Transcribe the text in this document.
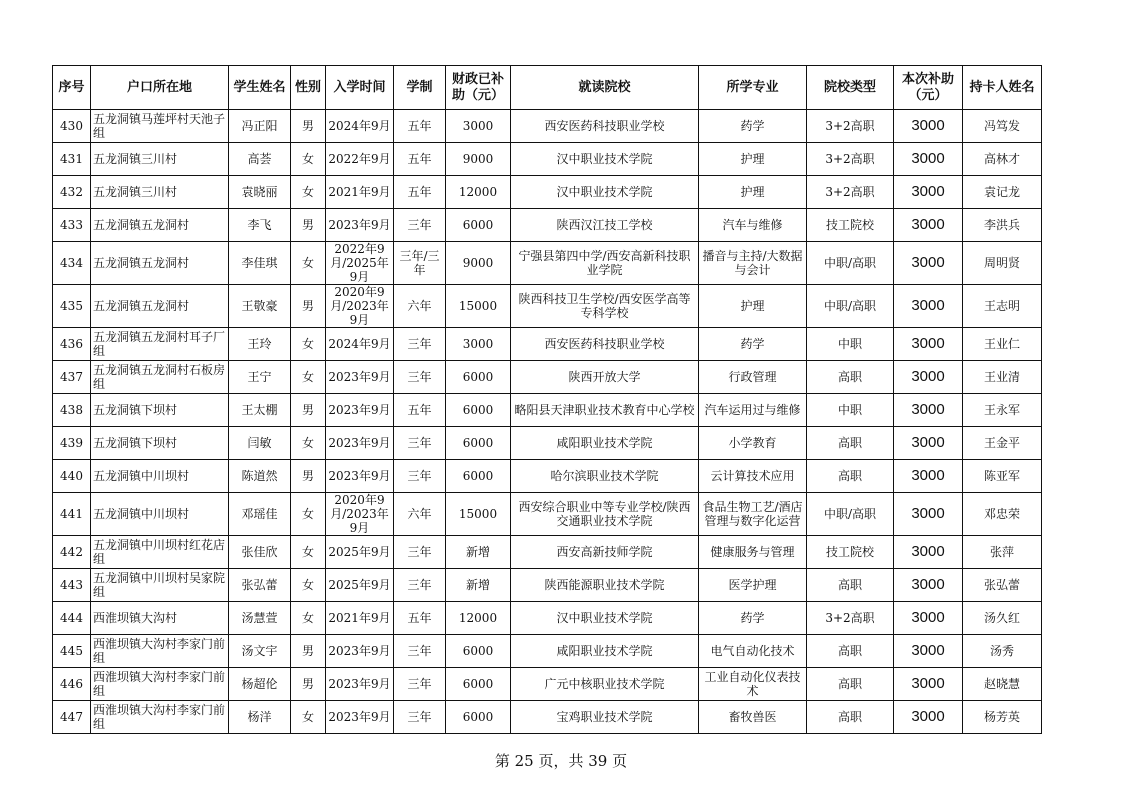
序号	户口所在地	学生姓名	性别	入学时间	学制	财政已补助（元）	就读院校	所学专业	院校类型	本次补助（元）	持卡人姓名
430	五龙洞镇马莲坪村天池子组	冯正阳	男	2024年9月	五年	3000	西安医药科技职业学校	药学	3+2高职	3000	冯笃发
431	五龙洞镇三川村	高荟	女	2022年9月	五年	9000	汉中职业技术学院	护理	3+2高职	3000	高林才
432	五龙洞镇三川村	袁晓丽	女	2021年9月	五年	12000	汉中职业技术学院	护理	3+2高职	3000	袁记龙
433	五龙洞镇五龙洞村	李飞	男	2023年9月	三年	6000	陕西汉江技工学校	汽车与维修	技工院校	3000	李洪兵
434	五龙洞镇五龙洞村	李佳琪	女	2022年9月/2025年9月	三年/三年	9000	宁强县第四中学/西安高新科技职业学院	播音与主持/大数据与会计	中职/高职	3000	周明贤
435	五龙洞镇五龙洞村	王敬豪	男	2020年9月/2023年9月	六年	15000	陕西科技卫生学校/西安医学高等专科学校	护理	中职/高职	3000	王志明
436	五龙洞镇五龙洞村耳子厂组	王玲	女	2024年9月	三年	3000	西安医药科技职业学校	药学	中职	3000	王业仁
437	五龙洞镇五龙洞村石板房组	王宁	女	2023年9月	三年	6000	陕西开放大学	行政管理	高职	3000	王业清
438	五龙洞镇下坝村	王太棚	男	2023年9月	五年	6000	略阳县天津职业技术教育中心学校	汽车运用过与维修	中职	3000	王永军
439	五龙洞镇下坝村	闫敏	女	2023年9月	三年	6000	咸阳职业技术学院	小学教育	高职	3000	王金平
440	五龙洞镇中川坝村	陈道然	男	2023年9月	三年	6000	哈尔滨职业技术学院	云计算技术应用	高职	3000	陈亚军
441	五龙洞镇中川坝村	邓瑶佳	女	2020年9月/2023年9月	六年	15000	西安综合职业中等专业学校/陕西交通职业技术学院	食品生物工艺/酒店管理与数字化运营	中职/高职	3000	邓忠荣
442	五龙洞镇中川坝村红花店组	张佳欣	女	2025年9月	三年	新增	西安高新技师学院	健康服务与管理	技工院校	3000	张萍
443	五龙洞镇中川坝村吴家院组	张弘蕾	女	2025年9月	三年	新增	陕西能源职业技术学院	医学护理	高职	3000	张弘蕾
444	西淮坝镇大沟村	汤慧萱	女	2021年9月	五年	12000	汉中职业技术学院	药学	3+2高职	3000	汤久红
445	西淮坝镇大沟村李家门前组	汤文宇	男	2023年9月	三年	6000	咸阳职业技术学院	电气自动化技术	高职	3000	汤秀
446	西淮坝镇大沟村李家门前组	杨超伦	男	2023年9月	三年	6000	广元中核职业技术学院	工业自动化仪表技术	高职	3000	赵晓慧
447	西淮坝镇大沟村李家门前组	杨洋	女	2023年9月	三年	6000	宝鸡职业技术学院	畜牧兽医	高职	3000	杨芳英
第 25 页，共 39 页
